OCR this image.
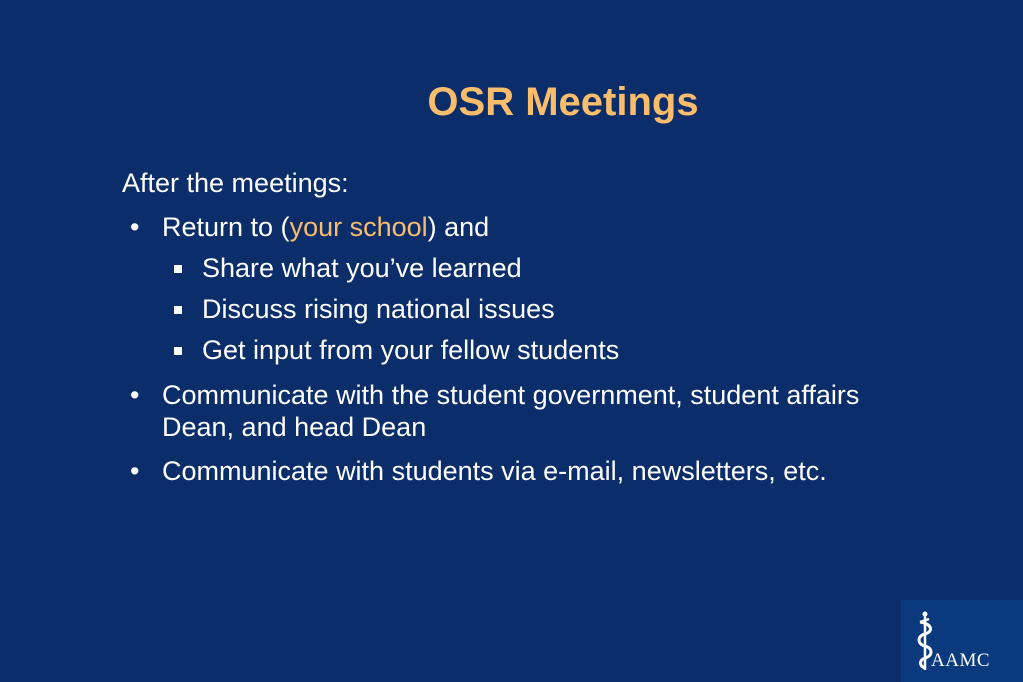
OSR Meetings
After the meetings:
• Return to (your school) and
Share what you’ve learned
Discuss rising national issues
Get input from your fellow students
• Communicate with the student government, student affairs
Dean, and head Dean
• Communicate with students via e-mail, newsletters, etc.
AAMC
